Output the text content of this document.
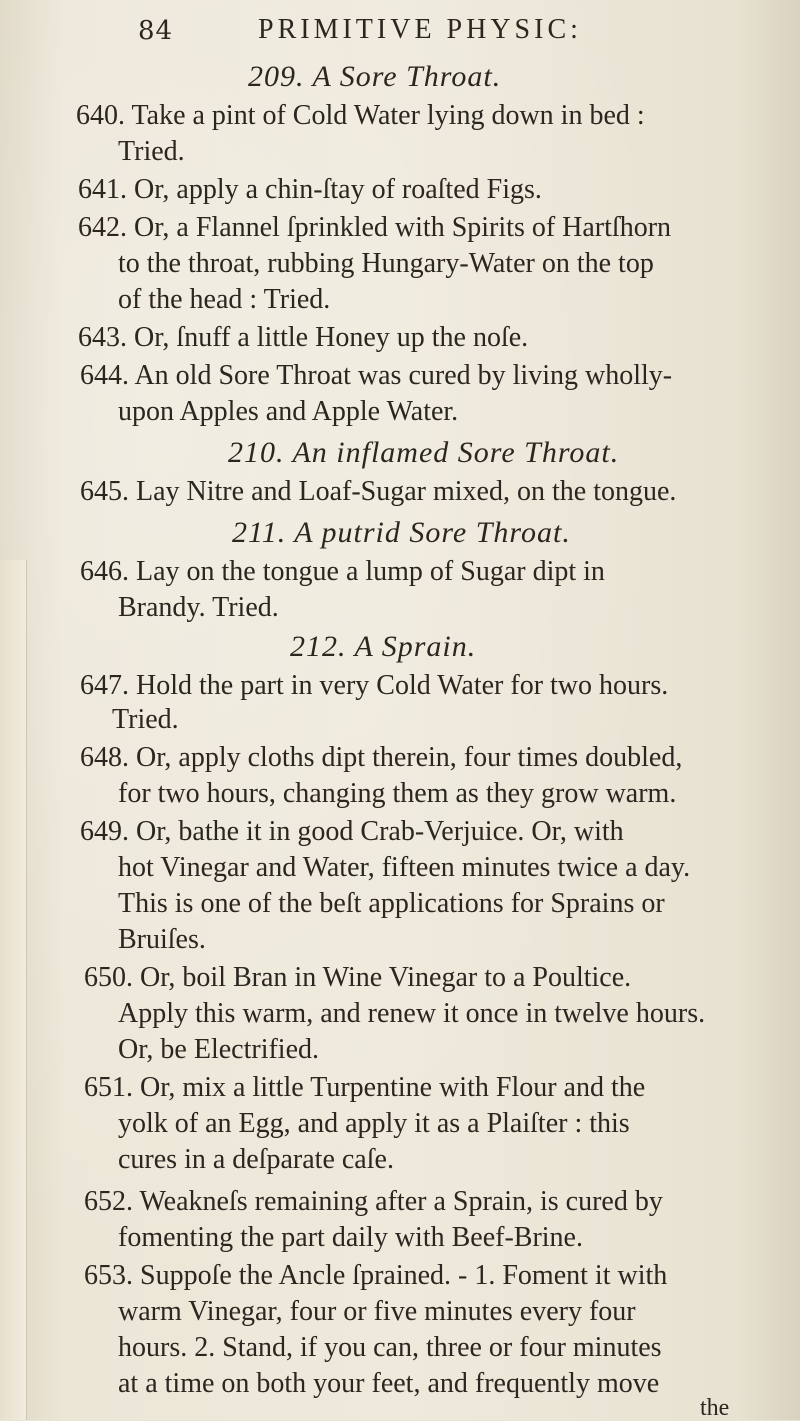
84	PRIMITIVE PHYSIC:
209. A Sore Throat.
640. Take a pint of Cold Water lying down in bed :
Tried.
641. Or, apply a chin-ſtay of roaſted Figs.
642. Or, a Flannel ſprinkled with Spirits of Hartſhorn
to the throat, rubbing Hungary-Water on the top
of the head : Tried.
643. Or, ſnuff a little Honey up the noſe.
644. An old Sore Throat was cured by living wholly-
upon Apples and Apple Water.
210. An inflamed Sore Throat.
645. Lay Nitre and Loaf-Sugar mixed, on the tongue.
211. A putrid Sore Throat.
646. Lay on the tongue a lump of Sugar dipt in
Brandy. Tried.
212. A Sprain.
647. Hold the part in very Cold Water for two hours.
Tried.
648. Or, apply cloths dipt therein, four times doubled,
for two hours, changing them as they grow warm.
649. Or, bathe it in good Crab-Verjuice. Or, with
hot Vinegar and Water, fifteen minutes twice a day.
This is one of the beſt applications for Sprains or
Bruiſes.
650. Or, boil Bran in Wine Vinegar to a Poultice.
Apply this warm, and renew it once in twelve hours.
Or, be Electrified.
651. Or, mix a little Turpentine with Flour and the
yolk of an Egg, and apply it as a Plaiſter : this
cures in a deſparate caſe.
652. Weakneſs remaining after a Sprain, is cured by
fomenting the part daily with Beef-Brine.
653. Suppoſe the Ancle ſprained. - 1. Foment it with
warm Vinegar, four or five minutes every four
hours. 2. Stand, if you can, three or four minutes
at a time on both your feet, and frequently move
the
